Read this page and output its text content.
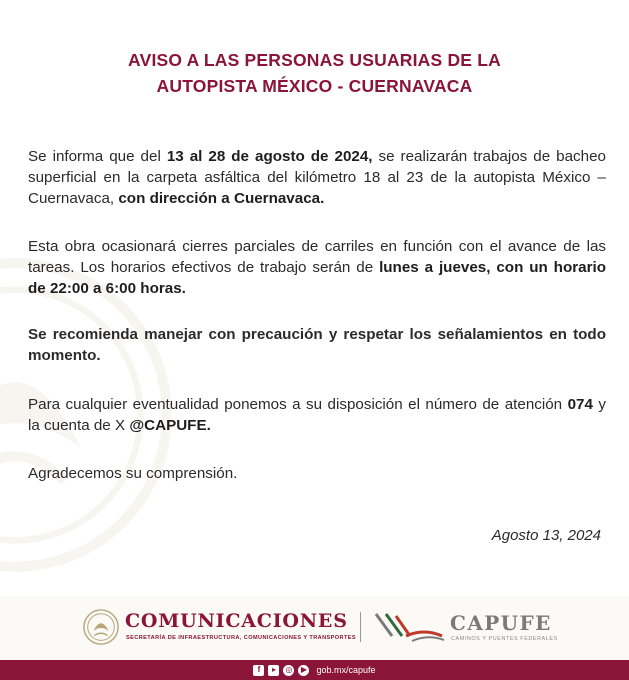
AVISO A LAS PERSONAS USUARIAS DE LA
AUTOPISTA MÉXICO - CUERNAVACA
Se informa que del 13 al 28 de agosto de 2024, se realizarán trabajos de bacheo superficial en la carpeta asfáltica del kilómetro 18 al 23 de la autopista México – Cuernavaca, con dirección a Cuernavaca.
Esta obra ocasionará cierres parciales de carriles en función con el avance de las tareas. Los horarios efectivos de trabajo serán de lunes a jueves, con un horario de 22:00 a 6:00 horas.
Se recomienda manejar con precaución y respetar los señalamientos en todo momento.
Para cualquier eventualidad ponemos a su disposición el número de atención 074 y la cuenta de X @CAPUFE.
Agradecemos su comprensión.
Agosto 13, 2024
COMUNICACIONES
SECRETARÍA DE INFRAESTRUCTURA, COMUNICACIONES Y TRANSPORTES
CAPUFE
CAMINOS Y PUENTES FEDERALES
f	▸	◎	▶ gob.mx/capufe
